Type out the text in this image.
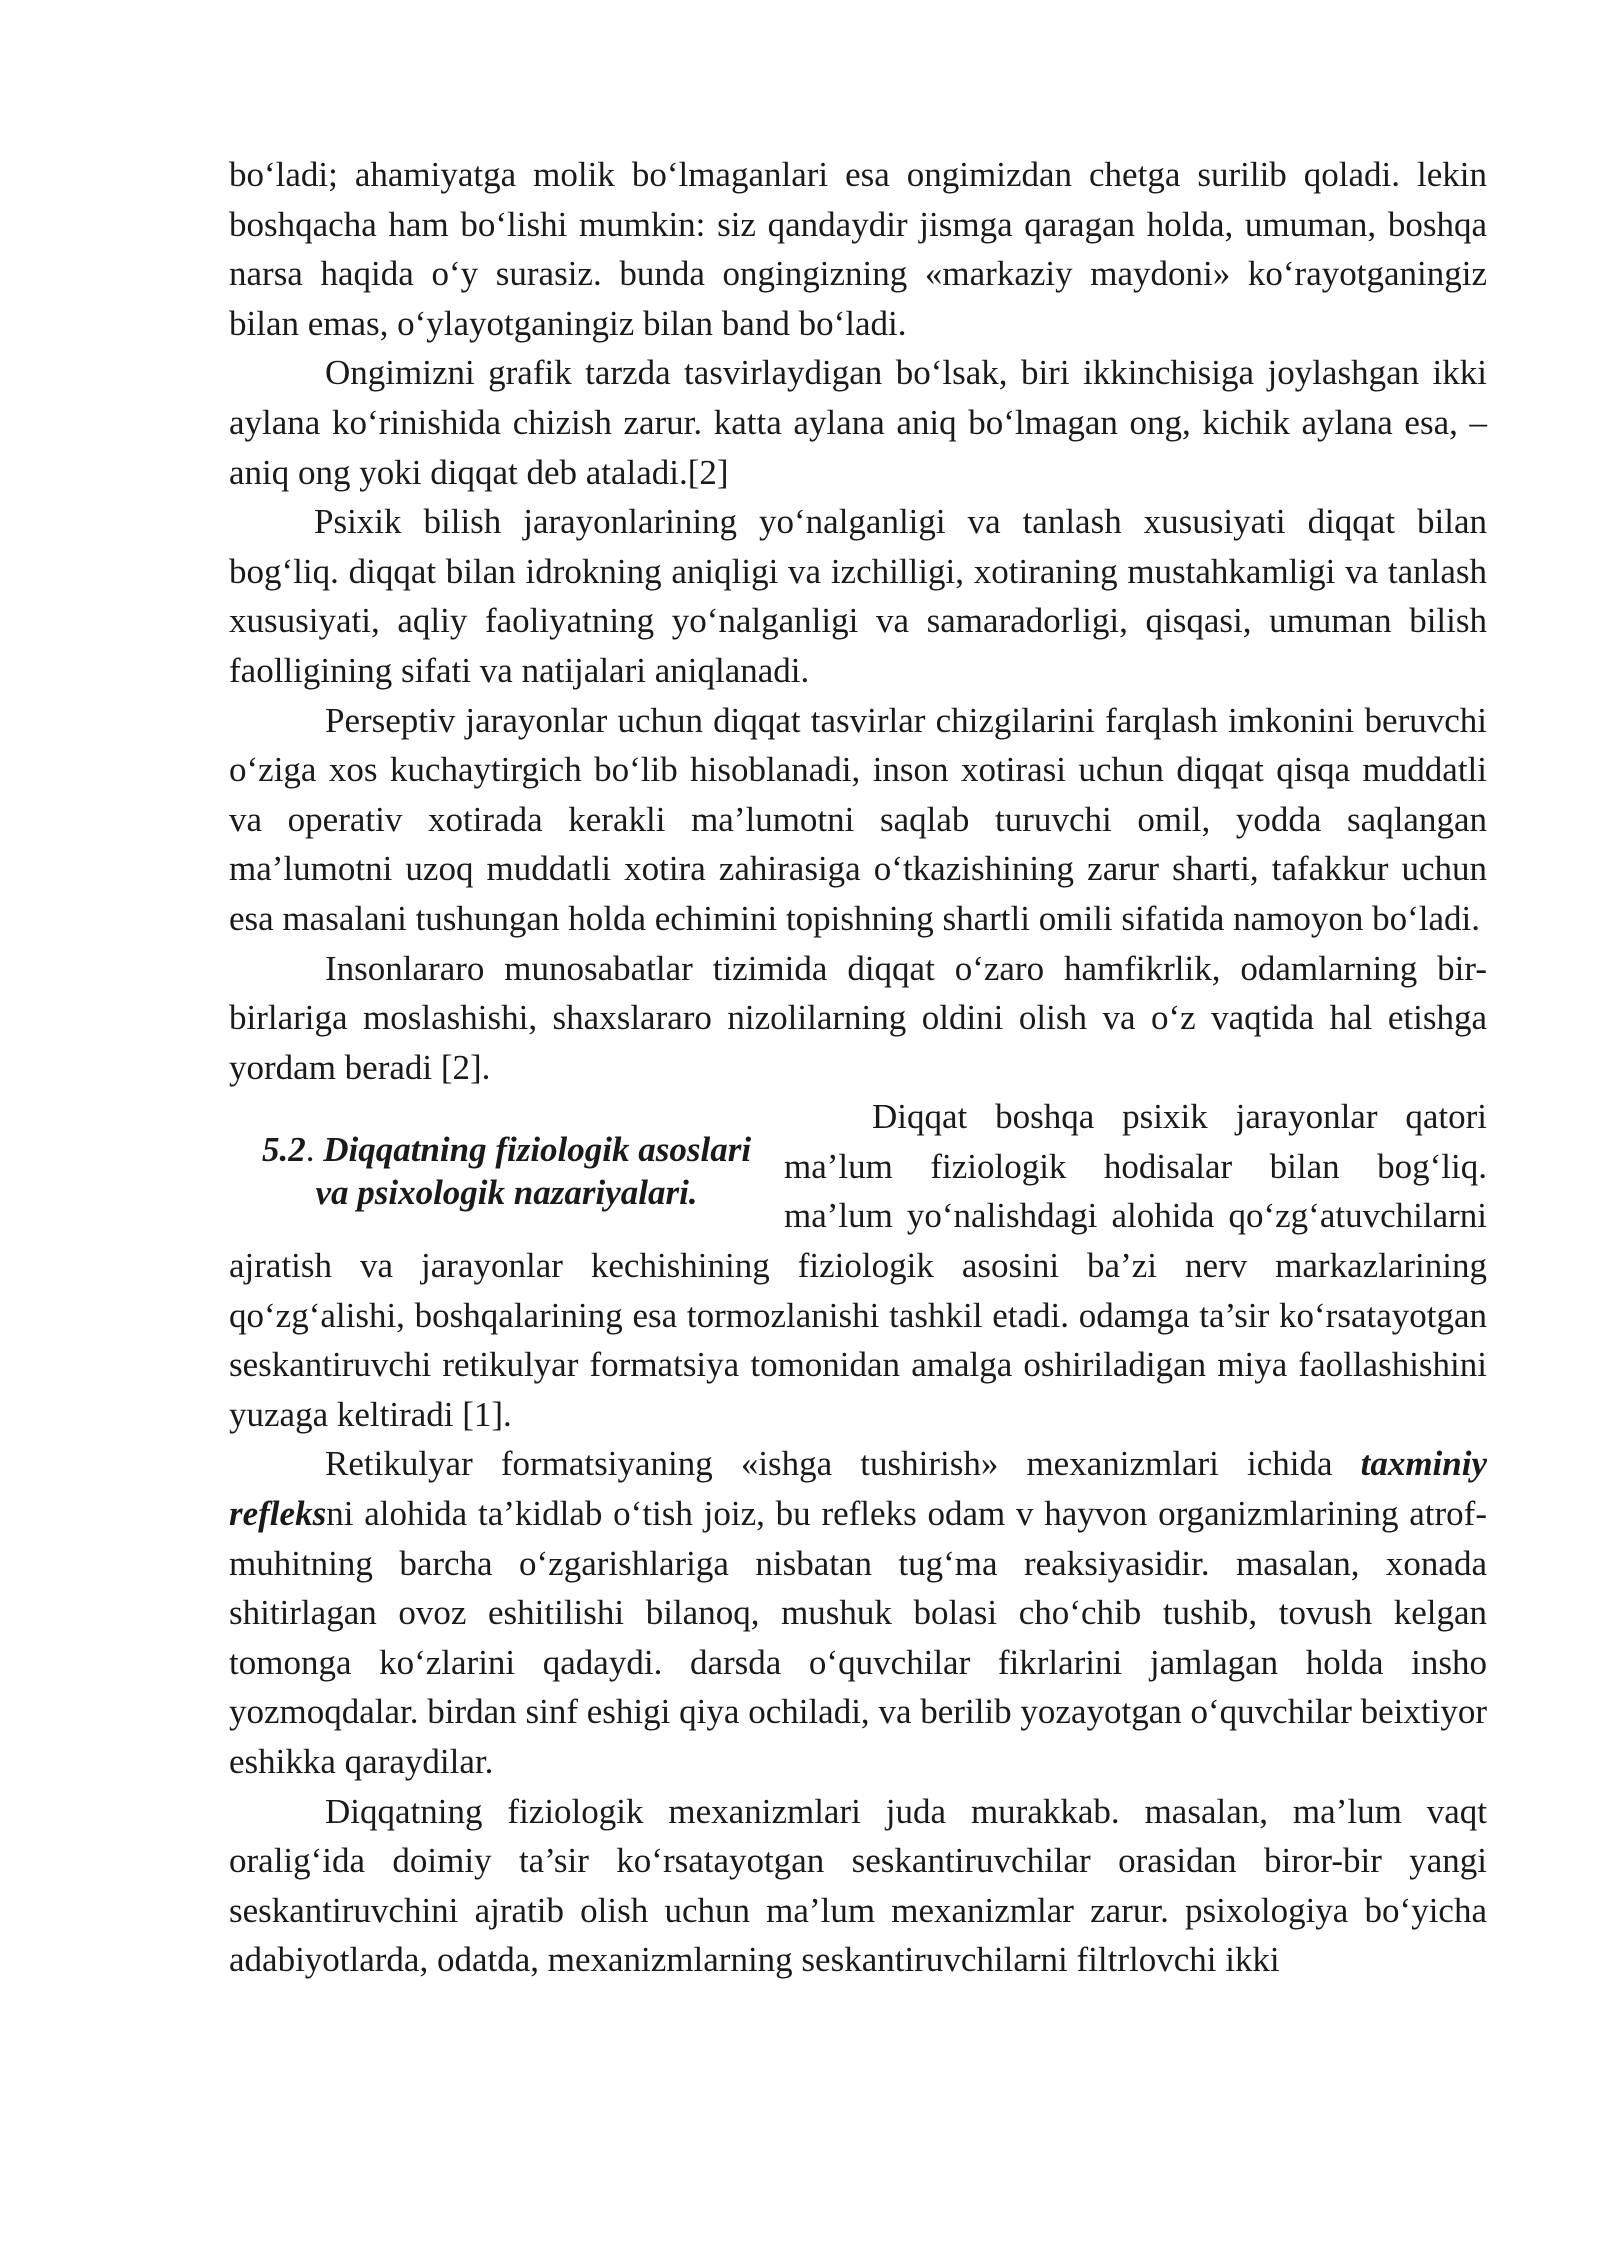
bo‘ladi; ahamiyatga molik bo‘lmaganlari esa ongimizdan chetga surilib qoladi. lekin boshqacha ham bo‘lishi mumkin: siz qandaydir jismga qaragan holda, umuman, boshqa narsa haqida o‘y surasiz. bunda ongingizning «markaziy maydoni» ko‘rayotganingiz bilan emas, o‘ylayotganingiz bilan band bo‘ladi.

Ongimizni grafik tarzda tasvirlaydigan bo‘lsak, biri ikkinchisiga joylashgan ikki aylana ko‘rinishida chizish zarur. katta aylana aniq bo‘lmagan ong, kichik aylana esa, – aniq ong yoki diqqat deb ataladi.[2]

Psixik bilish jarayonlarining yo‘nalganligi va tanlash xususiyati diqqat bilan bog‘liq. diqqat bilan idrokning aniqligi va izchilligi, xotiraning mustahkamligi va tanlash xususiyati, aqliy faoliyatning yo‘nalganligi va samaradorligi, qisqasi, umuman bilish faolligining sifati va natijalari aniqlanadi.

Perseptiv jarayonlar uchun diqqat tasvirlar chizgilarini farqlash imkonini beruvchi o‘ziga xos kuchaytirgich bo‘lib hisoblanadi, inson xotirasi uchun diqqat qisqa muddatli va operativ xotirada kerakli ma’lumotni saqlab turuvchi omil, yodda saqlangan ma’lumotni uzoq muddatli xotira zahirasiga o‘tkazishining zarur sharti, tafakkur uchun esa masalani tushungan holda echimini topishning shartli omili sifatida namoyon bo‘ladi.

Insonlararo munosabatlar tizimida diqqat o‘zaro hamfikrlik, odamlarning bir-birlariga moslashishi, shaxslararo nizolilarning oldini olish va o‘z vaqtida hal etishga yordam beradi [2].

5.2. Diqqatning fiziologik asoslari
va psixologik nazariyalari.

Diqqat boshqa psixik jarayonlar qatori ma’lum fiziologik hodisalar bilan bog‘liq. ma’lum yo‘nalishdagi alohida qo‘zg‘atuvchilarni ajratish va jarayonlar kechishining fiziologik asosini ba’zi nerv markazlarining qo‘zg‘alishi, boshqalarining esa tormozlanishi tashkil etadi. odamga ta’sir ko‘rsatayotgan seskantiruvchi retikulyar formatsiya tomonidan amalga oshiriladigan miya faollashishini yuzaga keltiradi [1].

Retikulyar formatsiyaning «ishga tushirish» mexanizmlari ichida taxminiy refleksni alohida ta’kidlab o‘tish joiz, bu refleks odam v hayvon organizmlarining atrof-muhitning barcha o‘zgarishlariga nisbatan tug‘ma reaksiyasidir. masalan, xonada shitirlagan ovoz eshitilishi bilanoq, mushuk bolasi cho‘chib tushib, tovush kelgan tomonga ko‘zlarini qadaydi. darsda o‘quvchilar fikrlarini jamlagan holda insho yozmoqdalar. birdan sinf eshigi qiya ochiladi, va berilib yozayotgan o‘quvchilar beixtiyor eshikka qaraydilar.

Diqqatning fiziologik mexanizmlari juda murakkab. masalan, ma’lum vaqt oralig‘ida doimiy ta’sir ko‘rsatayotgan seskantiruvchilar orasidan biror-bir yangi seskantiruvchini ajratib olish uchun ma’lum mexanizmlar zarur. psixologiya bo‘yicha adabiyotlarda, odatda, mexanizmlarning seskantiruvchilarni filtrlovchi ikki
